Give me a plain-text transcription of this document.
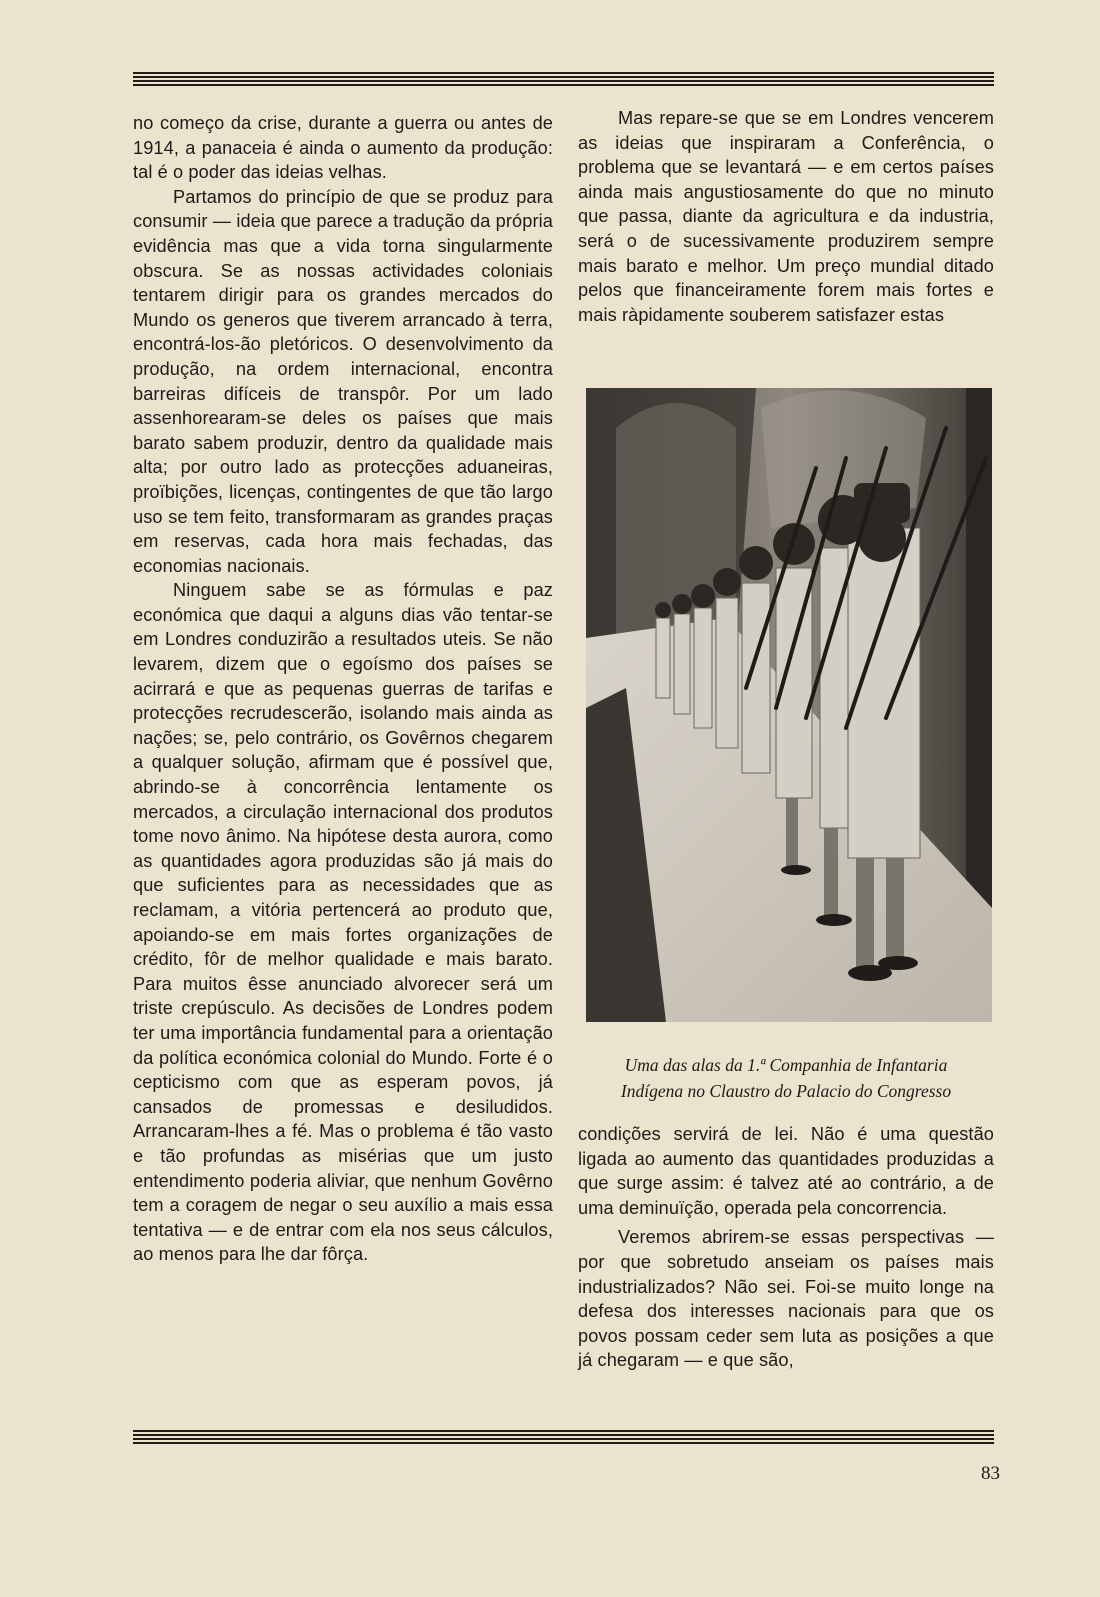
no começo da crise, durante a guerra ou antes de 1914, a panaceia é ainda o aumento da produção: tal é o poder das ideias velhas.

Partamos do princípio de que se produz para consumir — ideia que parece a tradução da própria evidência mas que a vida torna singularmente obscura. Se as nossas actividades coloniais tentarem dirigir para os grandes mercados do Mundo os generos que tiverem arrancado à terra, encontrá-los-ão pletóricos. O desenvolvimento da produção, na ordem internacional, encontra barreiras difíceis de transpôr. Por um lado assenhorearam-se deles os países que mais barato sabem produzir, dentro da qualidade mais alta; por outro lado as protecções aduaneiras, proïbições, licenças, contingentes de que tão largo uso se tem feito, transformaram as grandes praças em reservas, cada hora mais fechadas, das economias nacionais.

Ninguem sabe se as fórmulas e paz económica que daqui a alguns dias vão tentar-se em Londres conduzirão a resultados uteis. Se não levarem, dizem que o egoísmo dos países se acirrará e que as pequenas guerras de tarifas e protecções recrudescerão, isolando mais ainda as nações; se, pelo contrário, os Govêrnos chegarem a qualquer solução, afirmam que é possível que, abrindo-se à concorrência lentamente os mercados, a circulação internacional dos produtos tome novo ânimo. Na hipótese desta aurora, como as quantidades agora produzidas são já mais do que suficientes para as necessidades que as reclamam, a vitória pertencerá ao produto que, apoiando-se em mais fortes organizações de crédito, fôr de melhor qualidade e mais barato. Para muitos êsse anunciado alvorecer será um triste crepúsculo. As decisões de Londres podem ter uma importância fundamental para a orientação da política económica colonial do Mundo. Forte é o cepticismo com que as esperam povos, já cansados de promessas e desiludidos. Arrancaram-lhes a fé. Mas o problema é tão vasto e tão profundas as misérias que um justo entendimento poderia aliviar, que nenhum Govêrno tem a coragem de negar o seu auxílio a mais essa tentativa — e de entrar com ela nos seus cálculos, ao menos para lhe dar fôrça.

Mas repare-se que se em Londres vencerem as ideias que inspiraram a Conferência, o problema que se levantará — e em certos países ainda mais angustiosamente do que no minuto que passa, diante da agricultura e da industria, será o de sucessivamente produzirem sempre mais barato e melhor. Um preço mundial ditado pelos que financeiramente forem mais fortes e mais ràpidamente souberem satisfazer estas

Uma das alas da 1.ª Companhia de Infantaria
Indígena no Claustro do Palacio do Congresso

condições servirá de lei. Não é uma questão ligada ao aumento das quantidades produzidas a que surge assim: é talvez até ao contrário, a de uma deminuïção, operada pela concorrencia.

Veremos abrirem-se essas perspectivas — por que sobretudo anseiam os países mais industrializados? Não sei. Foi-se muito longe na defesa dos interesses nacionais para que os povos possam ceder sem luta as posições a que já chegaram — e que são,

83
